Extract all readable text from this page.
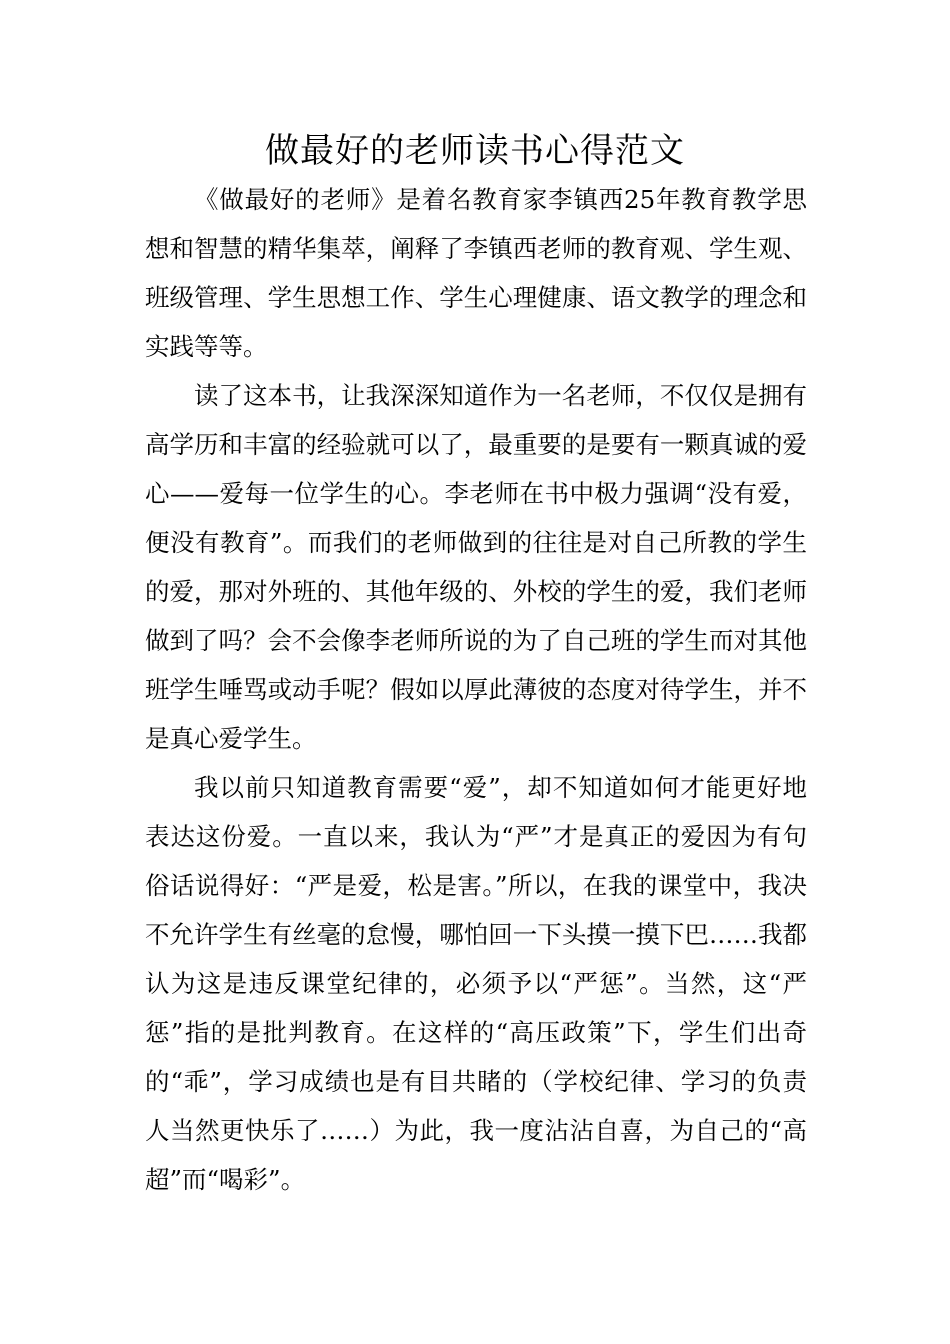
做最好的老师读书心得范文

《做最好的老师》是着名教育家李镇西25年教育教学思想和智慧的精华集萃，阐释了李镇西老师的教育观、学生观、班级管理、学生思想工作、学生心理健康、语文教学的理念和实践等等。

读了这本书，让我深深知道作为一名老师，不仅仅是拥有高学历和丰富的经验就可以了，最重要的是要有一颗真诚的爱心——爱每一位学生的心。李老师在书中极力强调“没有爱，便没有教育”。而我们的老师做到的往往是对自己所教的学生的爱，那对外班的、其他年级的、外校的学生的爱，我们老师做到了吗？会不会像李老师所说的为了自己班的学生而对其他班学生唾骂或动手呢？假如以厚此薄彼的态度对待学生，并不是真心爱学生。

我以前只知道教育需要“爱”，却不知道如何才能更好地表达这份爱。一直以来，我认为“严”才是真正的爱因为有句俗话说得好：“严是爱，松是害。”所以，在我的课堂中，我决不允许学生有丝毫的怠慢，哪怕回一下头摸一摸下巴……我都认为这是违反课堂纪律的，必须予以“严惩”。当然，这“严惩”指的是批判教育。在这样的“高压政策”下，学生们出奇的“乖”，学习成绩也是有目共睹的（学校纪律、学习的负责人当然更快乐了……）为此，我一度沾沾自喜，为自己的“高超”而“喝彩”。
